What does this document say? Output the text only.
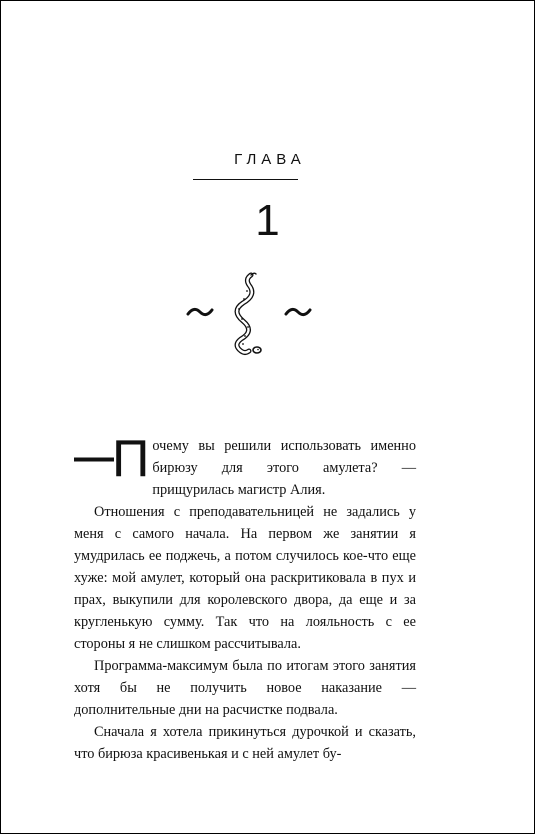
ГЛАВА
1

—
П очему вы решили использовать именно бирюзу для этого амулета? — прищурилась магистр Алия.

Отношения с преподавательницей не задались у меня с самого начала. На первом же занятии я умудрилась ее поджечь, а потом случилось кое-что еще хуже: мой амулет, который она раскритиковала в пух и прах, выкупили для королевского двора, да еще и за кругленькую сумму. Так что на лояльность с ее стороны я не слишком рассчитывала.

Программа-максимум была по итогам этого занятия хотя бы не получить новое наказание — дополнительные дни на расчистке подвала.

Сначала я хотела прикинуться дурочкой и сказать, что бирюза красивенькая и с ней амулет бу-
